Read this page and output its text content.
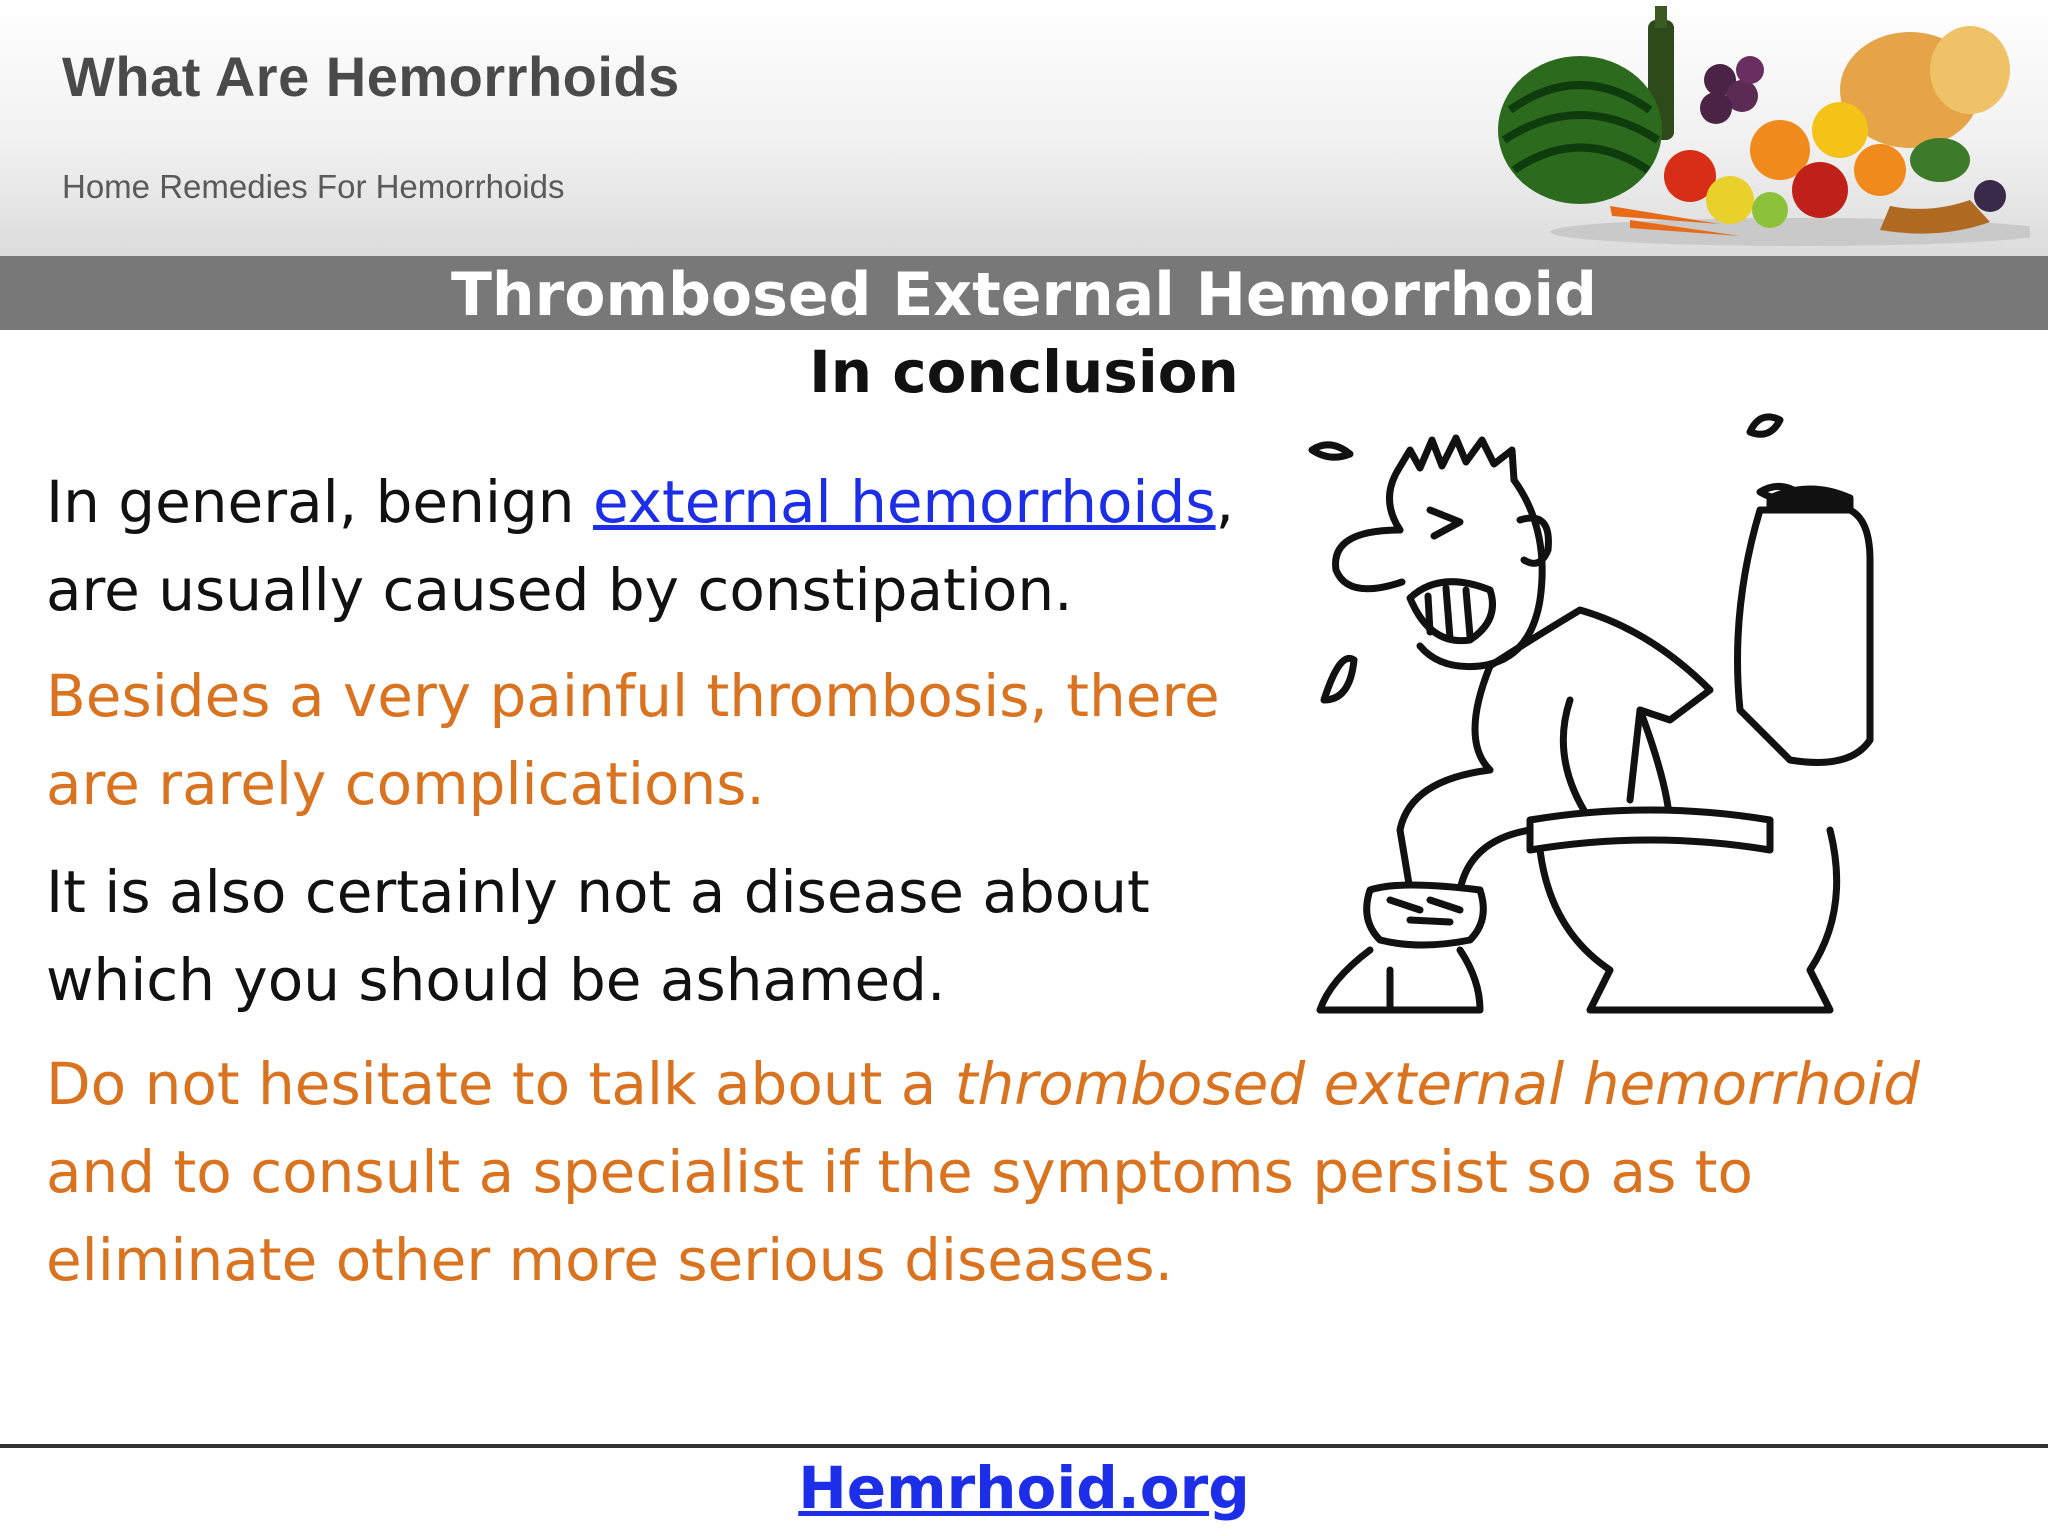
What Are Hemorrhoids
Home Remedies For Hemorrhoids
Thrombosed External Hemorrhoid
In conclusion

In general, benign external hemorrhoids,
are usually caused by constipation.

Besides a very painful thrombosis, there
are rarely complications.

It is also certainly not a disease about
which you should be ashamed.

Do not hesitate to talk about a thrombosed external hemorrhoid
and to consult a specialist if the symptoms persist so as to
eliminate other more serious diseases.

Hemrhoid.org
